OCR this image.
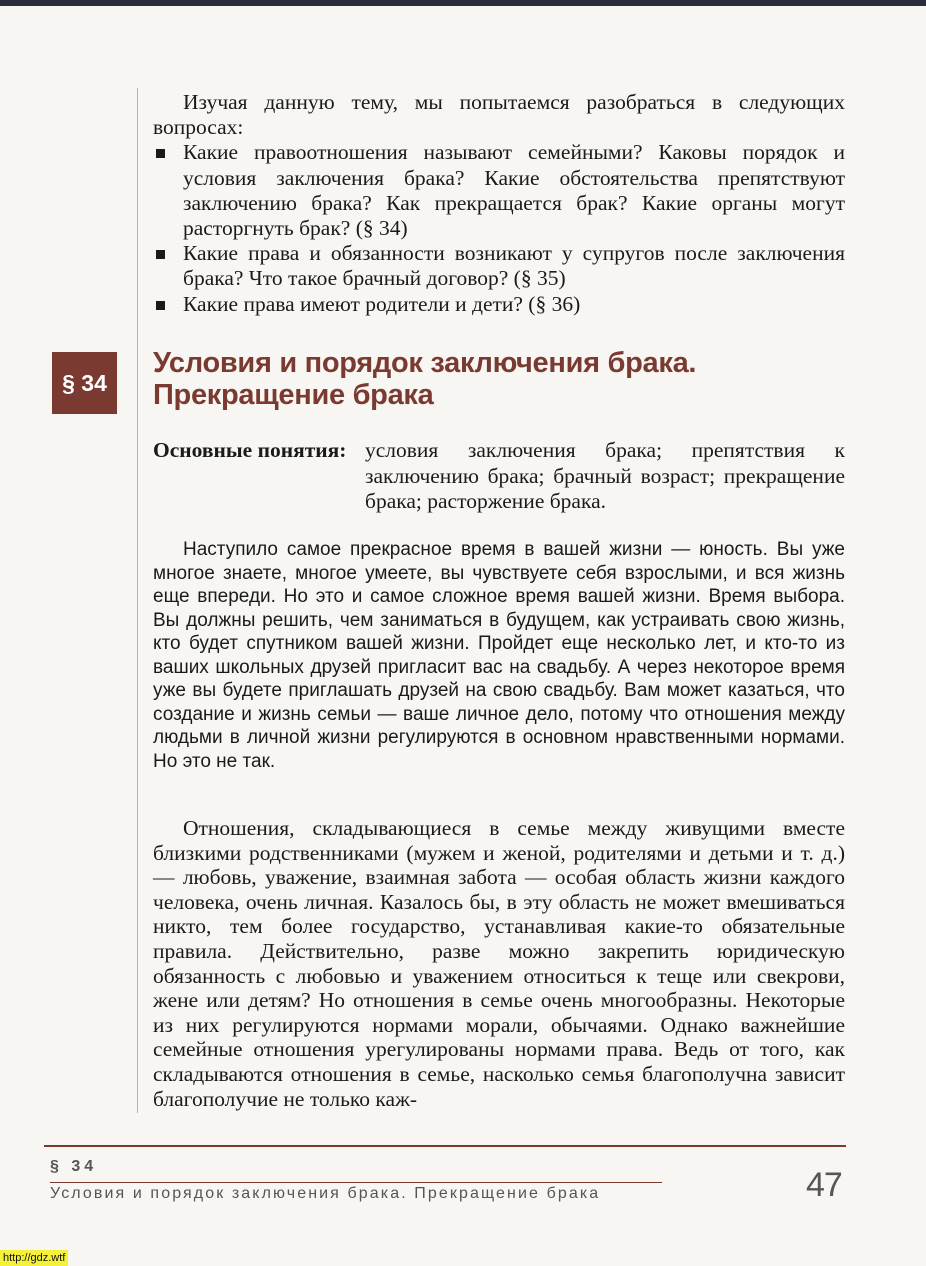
Изучая данную тему, мы попытаемся разобраться в следующих вопросах:

Какие правоотношения называют семейными? Каковы порядок и условия заключения брака? Какие обстоятельства препятствуют заключению брака? Как прекращается брак? Какие органы могут расторгнуть брак? (§ 34)
Какие права и обязанности возникают у супругов после заключения брака? Что такое брачный договор? (§ 35)
Какие права имеют родители и дети? (§ 36)
§ 34
Условия и порядок заключения брака. Прекращение брака
Основные понятия: условия заключения брака; препятствия к заключению брака; брачный возраст; прекращение брака; расторжение брака.

Наступило самое прекрасное время в вашей жизни — юность. Вы уже многое знаете, многое умеете, вы чувствуете себя взрослыми, и вся жизнь еще впереди. Но это и самое сложное время вашей жизни. Время выбора. Вы должны решить, чем заниматься в будущем, как устраивать свою жизнь, кто будет спутником вашей жизни. Пройдет еще несколько лет, и кто-то из ваших школьных друзей пригласит вас на свадьбу. А через некоторое время уже вы будете приглашать друзей на свою свадьбу. Вам может казаться, что создание и жизнь семьи — ваше личное дело, потому что отношения между людьми в личной жизни регулируются в основном нравственными нормами. Но это не так.

Отношения, складывающиеся в семье между живущими вместе близкими родственниками (мужем и женой, родителями и детьми и т. д.) — любовь, уважение, взаимная забота — особая область жизни каждого человека, очень личная. Казалось бы, в эту область не может вмешиваться никто, тем более государство, устанавливая какие-то обязательные правила. Действительно, разве можно закрепить юридическую обязанность с любовью и уважением относиться к теще или свекрови, жене или детям? Но отношения в семье очень многообразны. Некоторые из них регулируются нормами морали, обычаями. Однако важнейшие семейные отношения урегулированы нормами права. Ведь от того, как складываются отношения в семье, насколько семья благополучна зависит благополучие не только каж-

§ 34
Условия и порядок заключения брака. Прекращение брака	47
http://gdz.wtf
